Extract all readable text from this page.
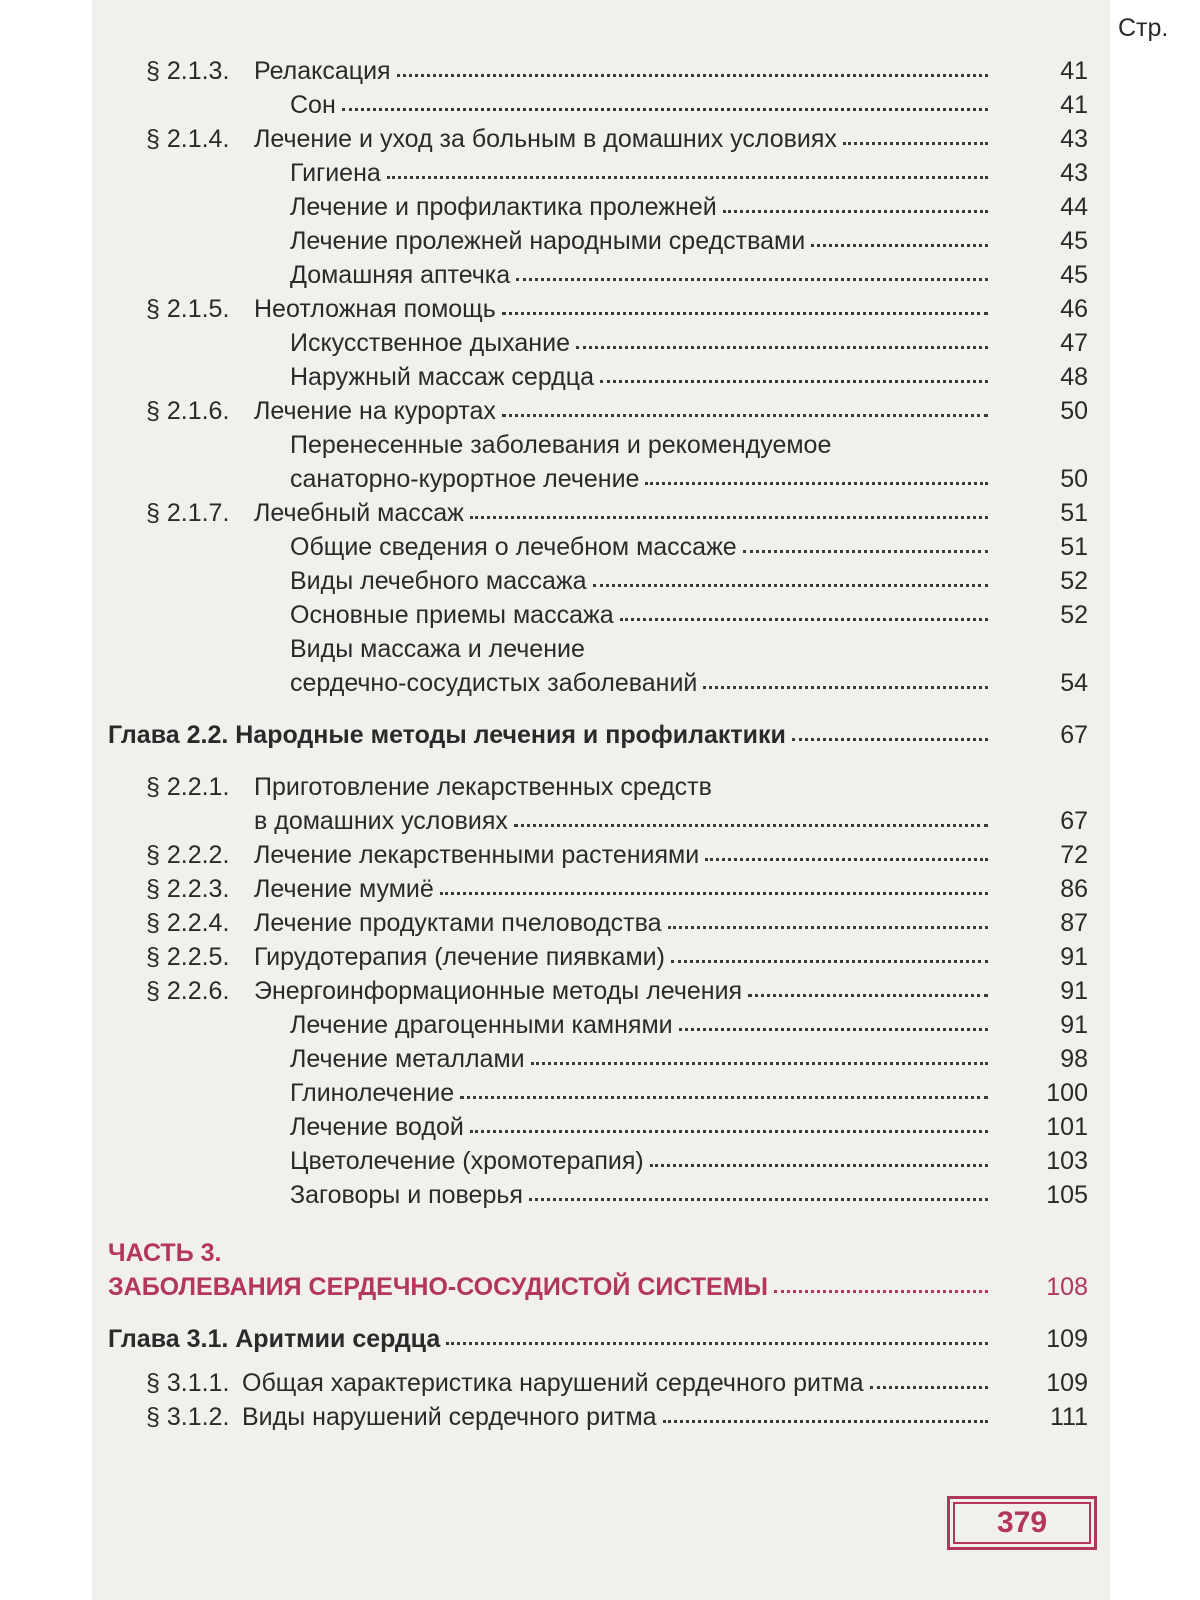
Стр.
§ 2.1.3. Релаксация	41
Сон	41
§ 2.1.4. Лечение и уход за больным в домашних условиях	43
Гигиена	43
Лечение и профилактика пролежней	44
Лечение пролежней народными средствами	45
Домашняя аптечка	45
§ 2.1.5. Неотложная помощь	46
Искусственное дыхание	47
Наружный массаж сердца	48
§ 2.1.6. Лечение на курортах	50
Перенесенные заболевания и рекомендуемое
санаторно-курортное лечение	50
§ 2.1.7. Лечебный массаж	51
Общие сведения о лечебном массаже	51
Виды лечебного массажа	52
Основные приемы массажа	52
Виды массажа и лечение
сердечно-сосудистых заболеваний	54
Глава 2.2. Народные методы лечения и профилактики	67
§ 2.2.1. Приготовление лекарственных средств
в домашних условиях	67
§ 2.2.2. Лечение лекарственными растениями	72
§ 2.2.3. Лечение мумиё	86
§ 2.2.4. Лечение продуктами пчеловодства	87
§ 2.2.5. Гирудотерапия (лечение пиявками)	91
§ 2.2.6. Энергоинформационные методы лечения	91
Лечение драгоценными камнями	91
Лечение металлами	98
Глинолечение	100
Лечение водой	101
Цветолечение (хромотерапия)	103
Заговоры и поверья	105
ЧАСТЬ 3.
ЗАБОЛЕВАНИЯ СЕРДЕЧНО-СОСУДИСТОЙ СИСТЕМЫ	108
Глава 3.1. Аритмии сердца	109
§ 3.1.1. Общая характеристика нарушений сердечного ритма	109
§ 3.1.2. Виды нарушений сердечного ритма	111
379
